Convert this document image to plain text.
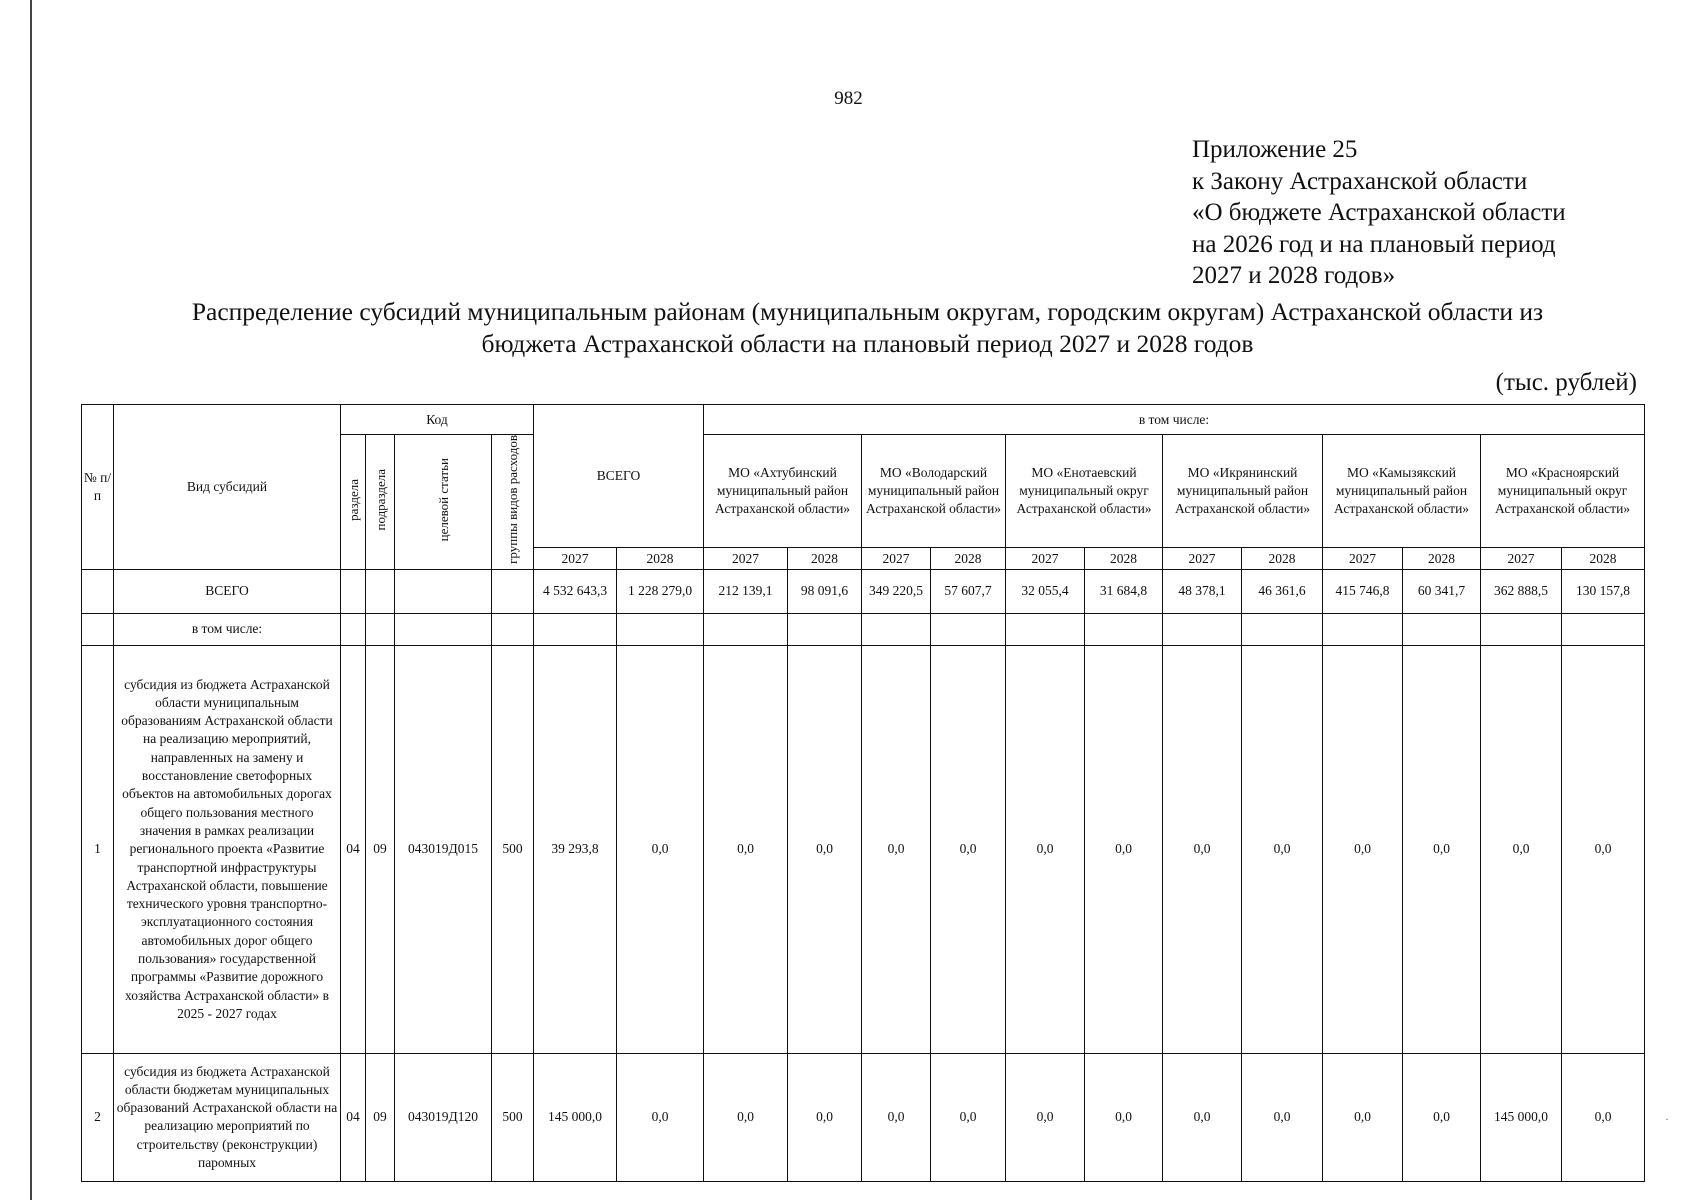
982
Приложение 25
к Закону Астраханской области
«О бюджете Астраханской области
на 2026 год и на плановый период
2027 и 2028 годов»
Распределение субсидий муниципальным районам (муниципальным округам, городским округам) Астраханской области из
бюджета Астраханской области на плановый период 2027 и 2028 годов
(тыс. рублей)
№ п/п	Вид субсидий	Код				ВСЕГО		в том числе:											
		раздела	подраздела	целевой статьи	группы видов расходов			МО «Ахтубинский муниципальный район Астраханской области»		МО «Володарский муниципальный район Астраханской области»		МО «Енотаевский муниципальный округ Астраханской области»		МО «Икрянинский муниципальный район Астраханской области»		МО «Камызякский муниципальный район Астраханской области»		МО «Красноярский муниципальный округ Астраханской области»	
						2027	2028	2027	2028	2027	2028	2027	2028	2027	2028	2027	2028	2027	2028
	ВСЕГО					4 532 643,3	1 228 279,0	212 139,1	98 091,6	349 220,5	57 607,7	32 055,4	31 684,8	48 378,1	46 361,6	415 746,8	60 341,7	362 888,5	130 157,8
	в том числе:																		
1	субсидия из бюджета Астраханской области муниципальным образованиям Астраханской области на реализацию мероприятий, направленных на замену и восстановление светофорных объектов на автомобильных дорогах общего пользования местного значения в рамках реализации регионального проекта «Развитие транспортной инфраструктуры Астраханской области, повышение технического уровня транспортно-эксплуатационного состояния автомобильных дорог общего пользования» государственной программы «Развитие дорожного хозяйства Астраханской области» в 2025 - 2027 годах	04	09	043019Д015	500	39 293,8	0,0	0,0	0,0	0,0	0,0	0,0	0,0	0,0	0,0	0,0	0,0	0,0	0,0
2	субсидия из бюджета Астраханской области бюджетам муниципальных образований Астраханской области на реализацию мероприятий по строительству (реконструкции) паромных	04	09	043019Д120	500	145 000,0	0,0	0,0	0,0	0,0	0,0	0,0	0,0	0,0	0,0	0,0	0,0	145 000,0	0,0	·
